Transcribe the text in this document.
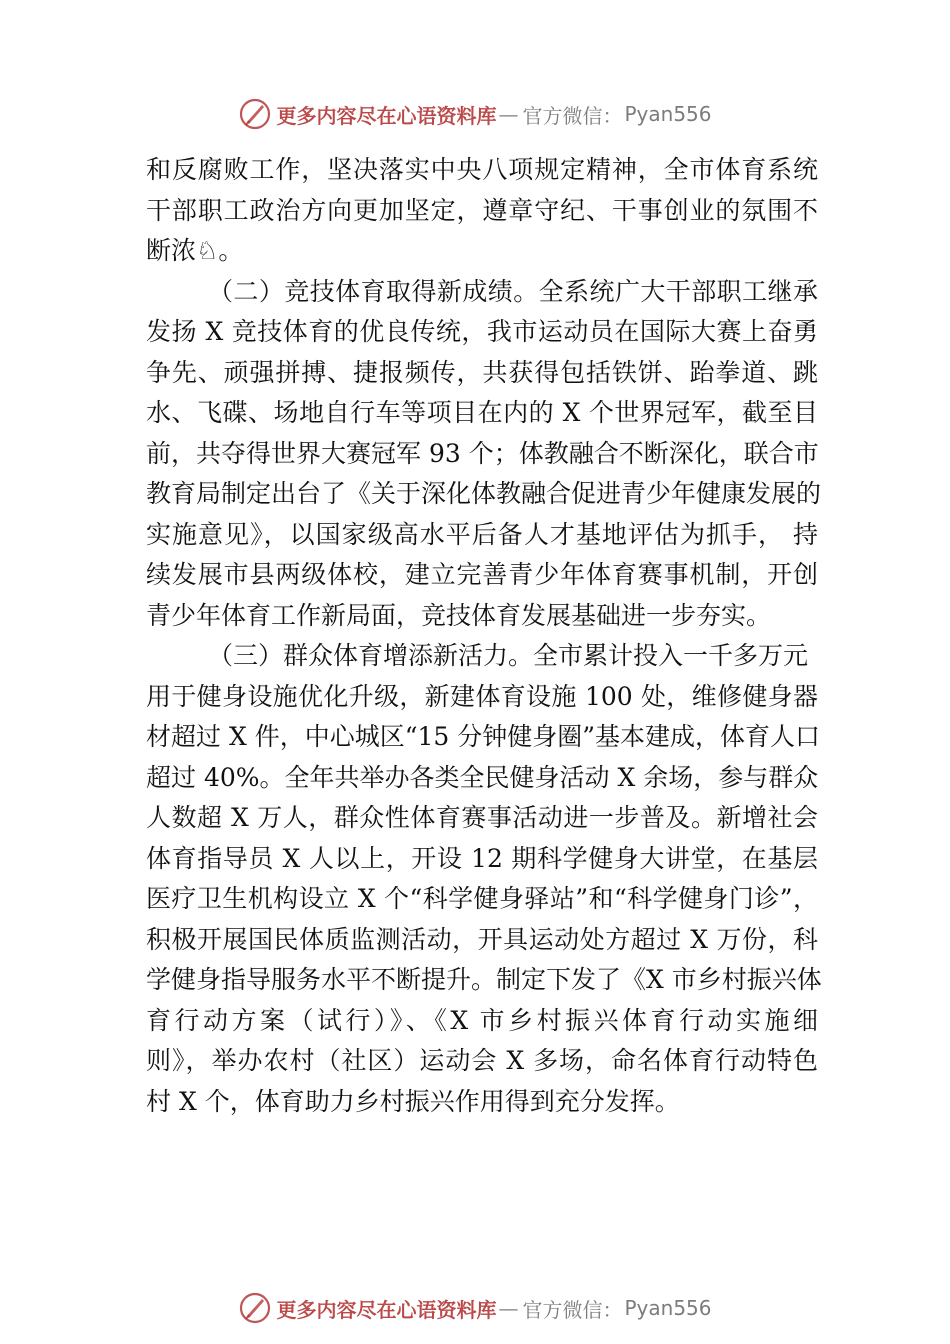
更多内容尽在心语资料库 — 官方微信： Pyan556
和反腐败工作，坚决落实中央八项规定精神，全市体育系统
干部职工政治方向更加坚定，遵章守纪、干事创业的氛围不
断浓♘。
（二）竞技体育取得新成绩。全系统广大干部职工继承
发扬 X 竞技体育的优良传统，我市运动员在国际大赛上奋勇
争先、顽强拼搏、捷报频传，共获得包括铁饼、跆拳道、跳
水、飞碟、场地自行车等项目在内的 X 个世界冠军，截至目
前，共夺得世界大赛冠军 93 个；体教融合不断深化，联合市
教育局制定出台了《关于深化体教融合促进青少年健康发展的
实施意见》，以国家级高水平后备人才基地评估为抓手， 持
续发展市县两级体校，建立完善青少年体育赛事机制，开创
青少年体育工作新局面，竞技体育发展基础进一步夯实。
（三）群众体育增添新活力。全市累计投入一千多万元
用于健身设施优化升级，新建体育设施 100 处，维修健身器
材超过 X 件，中心城区“15 分钟健身圈”基本建成，体育人口
超过 40%。全年共举办各类全民健身活动 X 余场，参与群众
人数超 X 万人，群众性体育赛事活动进一步普及。新增社会
体育指导员 X 人以上，开设 12 期科学健身大讲堂，在基层
医疗卫生机构设立 X 个“科学健身驿站”和“科学健身门诊”，
积极开展国民体质监测活动，开具运动处方超过 X 万份，科
学健身指导服务水平不断提升。制定下发了《X 市乡村振兴体
育行动方案（试行）》、《X 市乡村振兴体育行动实施细
则》，举办农村（社区）运动会 X 多场，命名体育行动特色
村 X 个，体育助力乡村振兴作用得到充分发挥。
更多内容尽在心语资料库 — 官方微信： Pyan556
